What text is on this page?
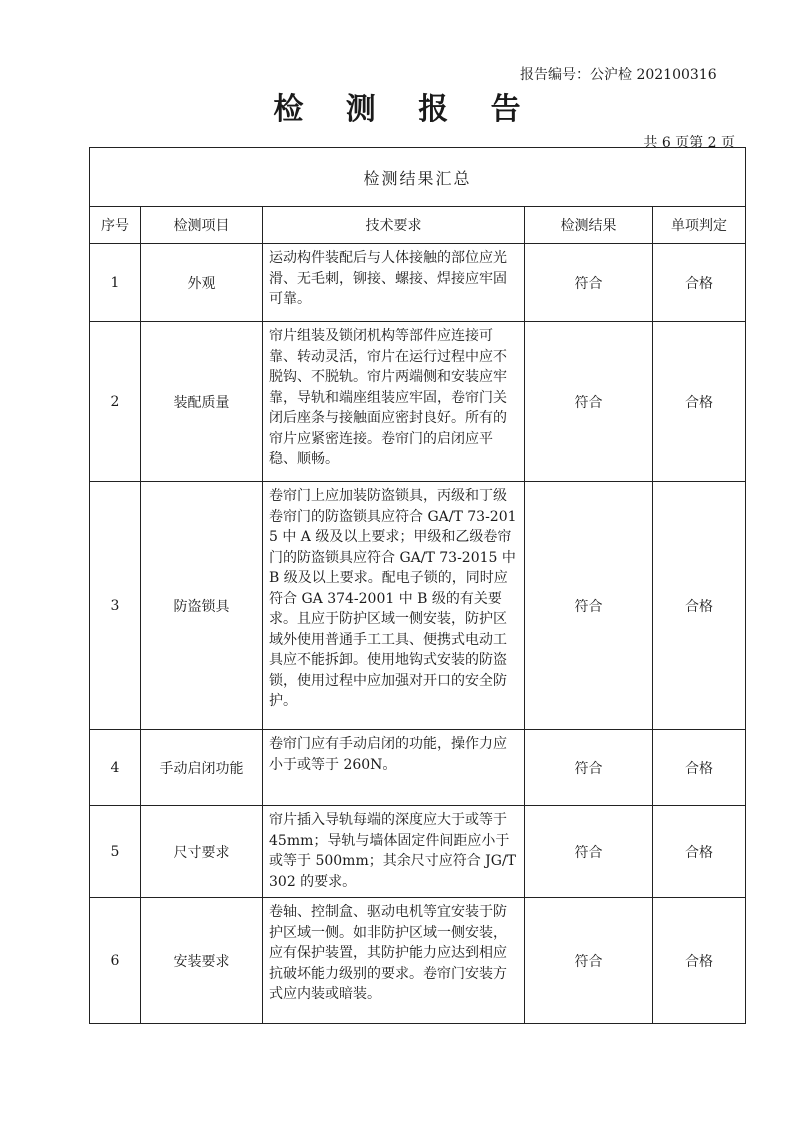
报告编号：公沪检 202100316
检 测 报 告
共 6 页第 2 页
检测结果汇总				
序号	检测项目	技术要求	检测结果	单项判定
1	外观	运动构件装配后与人体接触的部位应光滑、无毛刺，铆接、螺接、焊接应牢固可靠。	符合	合格
2	装配质量	帘片组装及锁闭机构等部件应连接可靠、转动灵活，帘片在运行过程中应不脱钩、不脱轨。帘片两端侧和安装应牢靠，导轨和端座组装应牢固，卷帘门关闭后座条与接触面应密封良好。所有的帘片应紧密连接。卷帘门的启闭应平稳、顺畅。	符合	合格
3	防盗锁具	卷帘门上应加装防盗锁具，丙级和丁级卷帘门的防盗锁具应符合 GA/T 73-2015 中 A 级及以上要求；甲级和乙级卷帘门的防盗锁具应符合 GA/T 73-2015 中 B 级及以上要求。配电子锁的，同时应符合 GA 374-2001 中 B 级的有关要求。且应于防护区域一侧安装，防护区域外使用普通手工工具、便携式电动工具应不能拆卸。使用地钩式安装的防盗锁，使用过程中应加强对开口的安全防护。	符合	合格
4	手动启闭功能	卷帘门应有手动启闭的功能，操作力应小于或等于 260N。	符合	合格
5	尺寸要求	帘片插入导轨每端的深度应大于或等于 45mm；导轨与墙体固定件间距应小于或等于 500mm；其余尺寸应符合 JG/T 302 的要求。	符合	合格
6	安装要求	卷轴、控制盒、驱动电机等宜安装于防护区域一侧。如非防护区域一侧安装，应有保护装置，其防护能力应达到相应抗破坏能力级别的要求。卷帘门安装方式应内装或暗装。	符合	合格
